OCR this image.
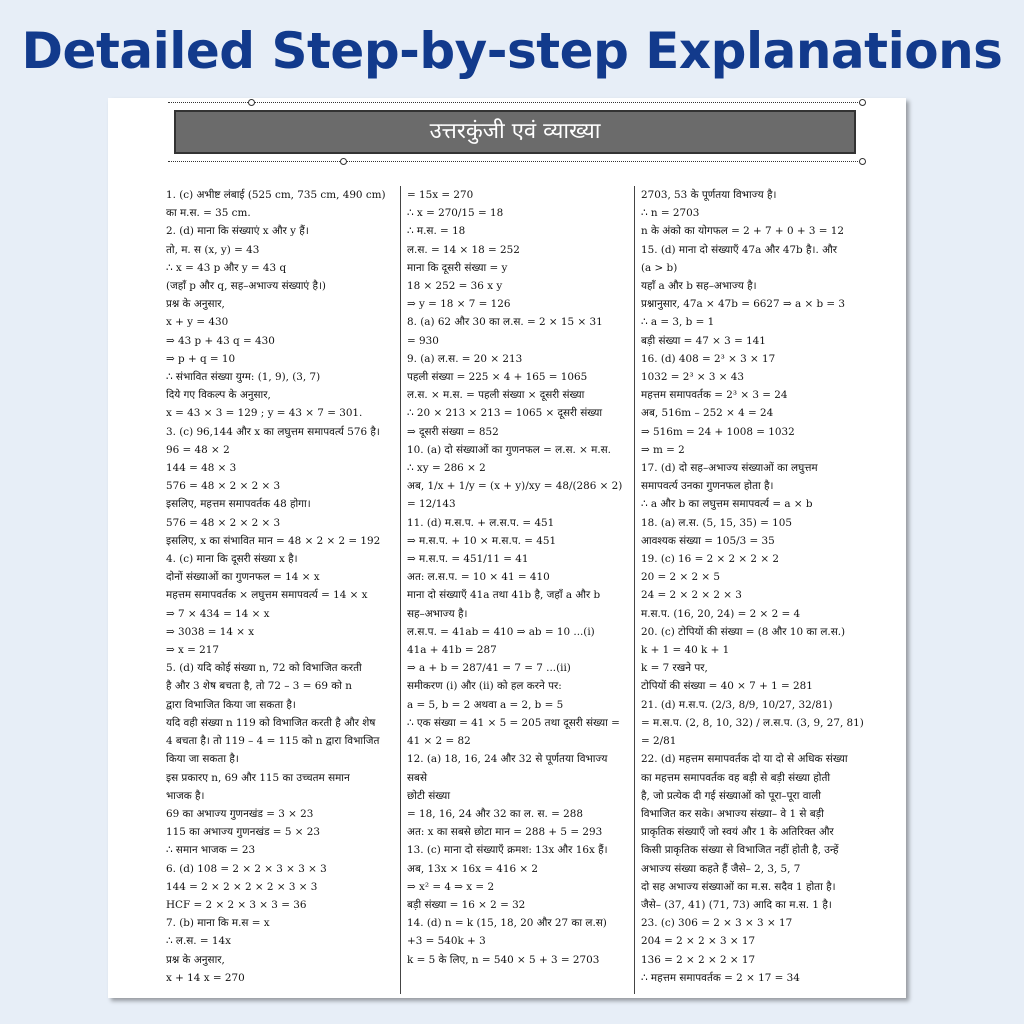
Detailed Step-by-step Explanations
उत्तरकुंजी एवं व्याख्या
1. (c) अभीष्ट लंबाई (525 cm, 735 cm, 490 cm)
का म.स. = 35 cm.
2. (d) माना कि संख्याएं x और y हैं।
तो, म. स (x, y) = 43
∴ x = 43 p और y = 43 q
(जहाँ p और q, सह–अभाज्य संख्याएं है।)
प्रश्न के अनुसार,
x + y = 430
⇒ 43 p + 43 q = 430
⇒ p + q = 10
∴ संभावित संख्या युग्म: (1, 9), (3, 7)
दिये गए विकल्प के अनुसार,
x = 43 × 3 = 129 ; y = 43 × 7 = 301.
3. (c) 96,144 और x का लघुत्तम समापवर्त्य 576 है।
96 = 48 × 2
144 = 48 × 3
576 = 48 × 2 × 2 × 3
इसलिए, महत्तम समापवर्तक 48 होगा।
576 = 48 × 2 × 2 × 3
इसलिए, x का संभावित मान = 48 × 2 × 2 = 192
4. (c) माना कि दूसरी संख्या x है।
दोनों संख्याओं का गुणनफल = 14 × x
महत्तम समापवर्तक × लघुत्तम समापवर्त्य = 14 × x
⇒ 7 × 434 = 14 × x
⇒ 3038 = 14 × x
⇒ x = 217
5. (d) यदि कोई संख्या n, 72 को विभाजित करती
है और 3 शेष बचता है, तो 72 – 3 = 69 को n
द्वारा विभाजित किया जा सकता है।
यदि वही संख्या n 119 को विभाजित करती है और शेष
4 बचता है। तो 119 – 4 = 115 को n द्वारा विभाजित
किया जा सकता है।
इस प्रकारए n, 69 और 115 का उच्चतम समान
भाजक है।
69 का अभाज्य गुणनखंड = 3 × 23
115 का अभाज्य गुणनखंड = 5 × 23
∴ समान भाजक = 23
6. (d) 108 = 2 × 2 × 3 × 3 × 3
144 = 2 × 2 × 2 × 2 × 3 × 3
HCF = 2 × 2 × 3 × 3 = 36
7. (b) माना कि म.स = x
∴ ल.स. = 14x
प्रश्न के अनुसार,
x + 14 x = 270
= 15x = 270
∴ x = 270/15 = 18
∴ म.स. = 18
ल.स. = 14 × 18 = 252
माना कि दूसरी संख्या = y
18 × 252 = 36 x y
⇒ y = 18 × 7 = 126
8. (a) 62 और 30 का ल.स. = 2 × 15 × 31
= 930
9. (a) ल.स. = 20 × 213
पहली संख्या = 225 × 4 + 165 = 1065
ल.स. × म.स. = पहली संख्या × दूसरी संख्या
∴ 20 × 213 × 213 = 1065 × दूसरी संख्या
⇒ दूसरी संख्या = 852
10. (a) दो संख्याओं का गुणनफल = ल.स. × म.स.
∴ xy = 286 × 2
अब, 1/x + 1/y = (x + y)/xy = 48/(286 × 2) = 12/143
11. (d) म.स.प. + ल.स.प. = 451
⇒ म.स.प. + 10 × म.स.प. = 451
⇒ म.स.प. = 451/11 = 41
अत: ल.स.प. = 10 × 41 = 410
माना दो संख्याएँ 41a तथा 41b है, जहाँ a और b
सह–अभाज्य है।
ल.स.प. = 41ab = 410 ⇒ ab = 10 ...(i)
41a + 41b = 287
⇒ a + b = 287/41 = 7 = 7 ...(ii)
समीकरण (i) और (ii) को हल करने पर:
a = 5, b = 2 अथवा a = 2, b = 5
∴ एक संख्या = 41 × 5 = 205 तथा दूसरी संख्या =
41 × 2 = 82
12. (a) 18, 16, 24 और 32 से पूर्णतया विभाज्य सबसे
छोटी संख्या
= 18, 16, 24 और 32 का ल. स. = 288
अत: x का सबसे छोटा मान = 288 + 5 = 293
13. (c) माना दो संख्याएँ क्रमश: 13x और 16x हैं।
अब, 13x × 16x = 416 × 2
⇒ x² = 4 ⇒ x = 2
बड़ी संख्या = 16 × 2 = 32
14. (d) n = k (15, 18, 20 और 27 का ल.स)
+3 = 540k + 3
k = 5 के लिए, n = 540 × 5 + 3 = 2703
2703, 53 के पूर्णतया विभाज्य है।
∴ n = 2703
n के अंको का योगफल = 2 + 7 + 0 + 3 = 12
15. (d) माना दो संख्याएँ 47a और 47b है।. और
(a > b)
यहाँ a और b सह–अभाज्य है।
प्रश्नानुसार, 47a × 47b = 6627 ⇒ a × b = 3
∴ a = 3, b = 1
बड़ी संख्या = 47 × 3 = 141
16. (d) 408 = 2³ × 3 × 17
1032 = 2³ × 3 × 43
महत्तम समापवर्तक = 2³ × 3 = 24
अब, 516m – 252 × 4 = 24
⇒ 516m = 24 + 1008 = 1032
⇒ m = 2
17. (d) दो सह–अभाज्य संख्याओं का लघुत्तम
समापवर्त्य उनका गुणनफल होता है।
∴ a और b का लघुत्तम समापवर्त्य = a × b
18. (a) ल.स. (5, 15, 35) = 105
आवश्यक संख्या = 105/3 = 35
19. (c) 16 = 2 × 2 × 2 × 2
20 = 2 × 2 × 5
24 = 2 × 2 × 2 × 3
म.स.प. (16, 20, 24) = 2 × 2 = 4
20. (c) टोपियों की संख्या = (8 और 10 का ल.स.)
k + 1 = 40 k + 1
k = 7 रखने पर,
टोपियों की संख्या = 40 × 7 + 1 = 281
21. (d) म.स.प. (2/3, 8/9, 10/27, 32/81)
= म.स.प. (2, 8, 10, 32) / ल.स.प. (3, 9, 27, 81) = 2/81
22. (d) महत्तम समापवर्तक दो या दो से अधिक संख्या
का महत्तम समापवर्तक वह बड़ी से बड़ी संख्या होती
है, जो प्रत्येक दी गई संख्याओं को पूरा–पूरा वाली
विभाजित कर सके। अभाज्य संख्या– वे 1 से बड़ी
प्राकृतिक संख्याएँ जो स्वयं और 1 के अतिरिक्त और
किसी प्राकृतिक संख्या से विभाजित नहीं होती है, उन्हें
अभाज्य संख्या कहते हैं जैसे– 2, 3, 5, 7
दो सह अभाज्य संख्याओं का म.स. सदैव 1 होता है।
जैसे– (37, 41) (71, 73) आदि का म.स. 1 है।
23. (c) 306 = 2 × 3 × 3 × 17
204 = 2 × 2 × 3 × 17
136 = 2 × 2 × 2 × 17
∴ महत्तम समापवर्तक = 2 × 17 = 34
